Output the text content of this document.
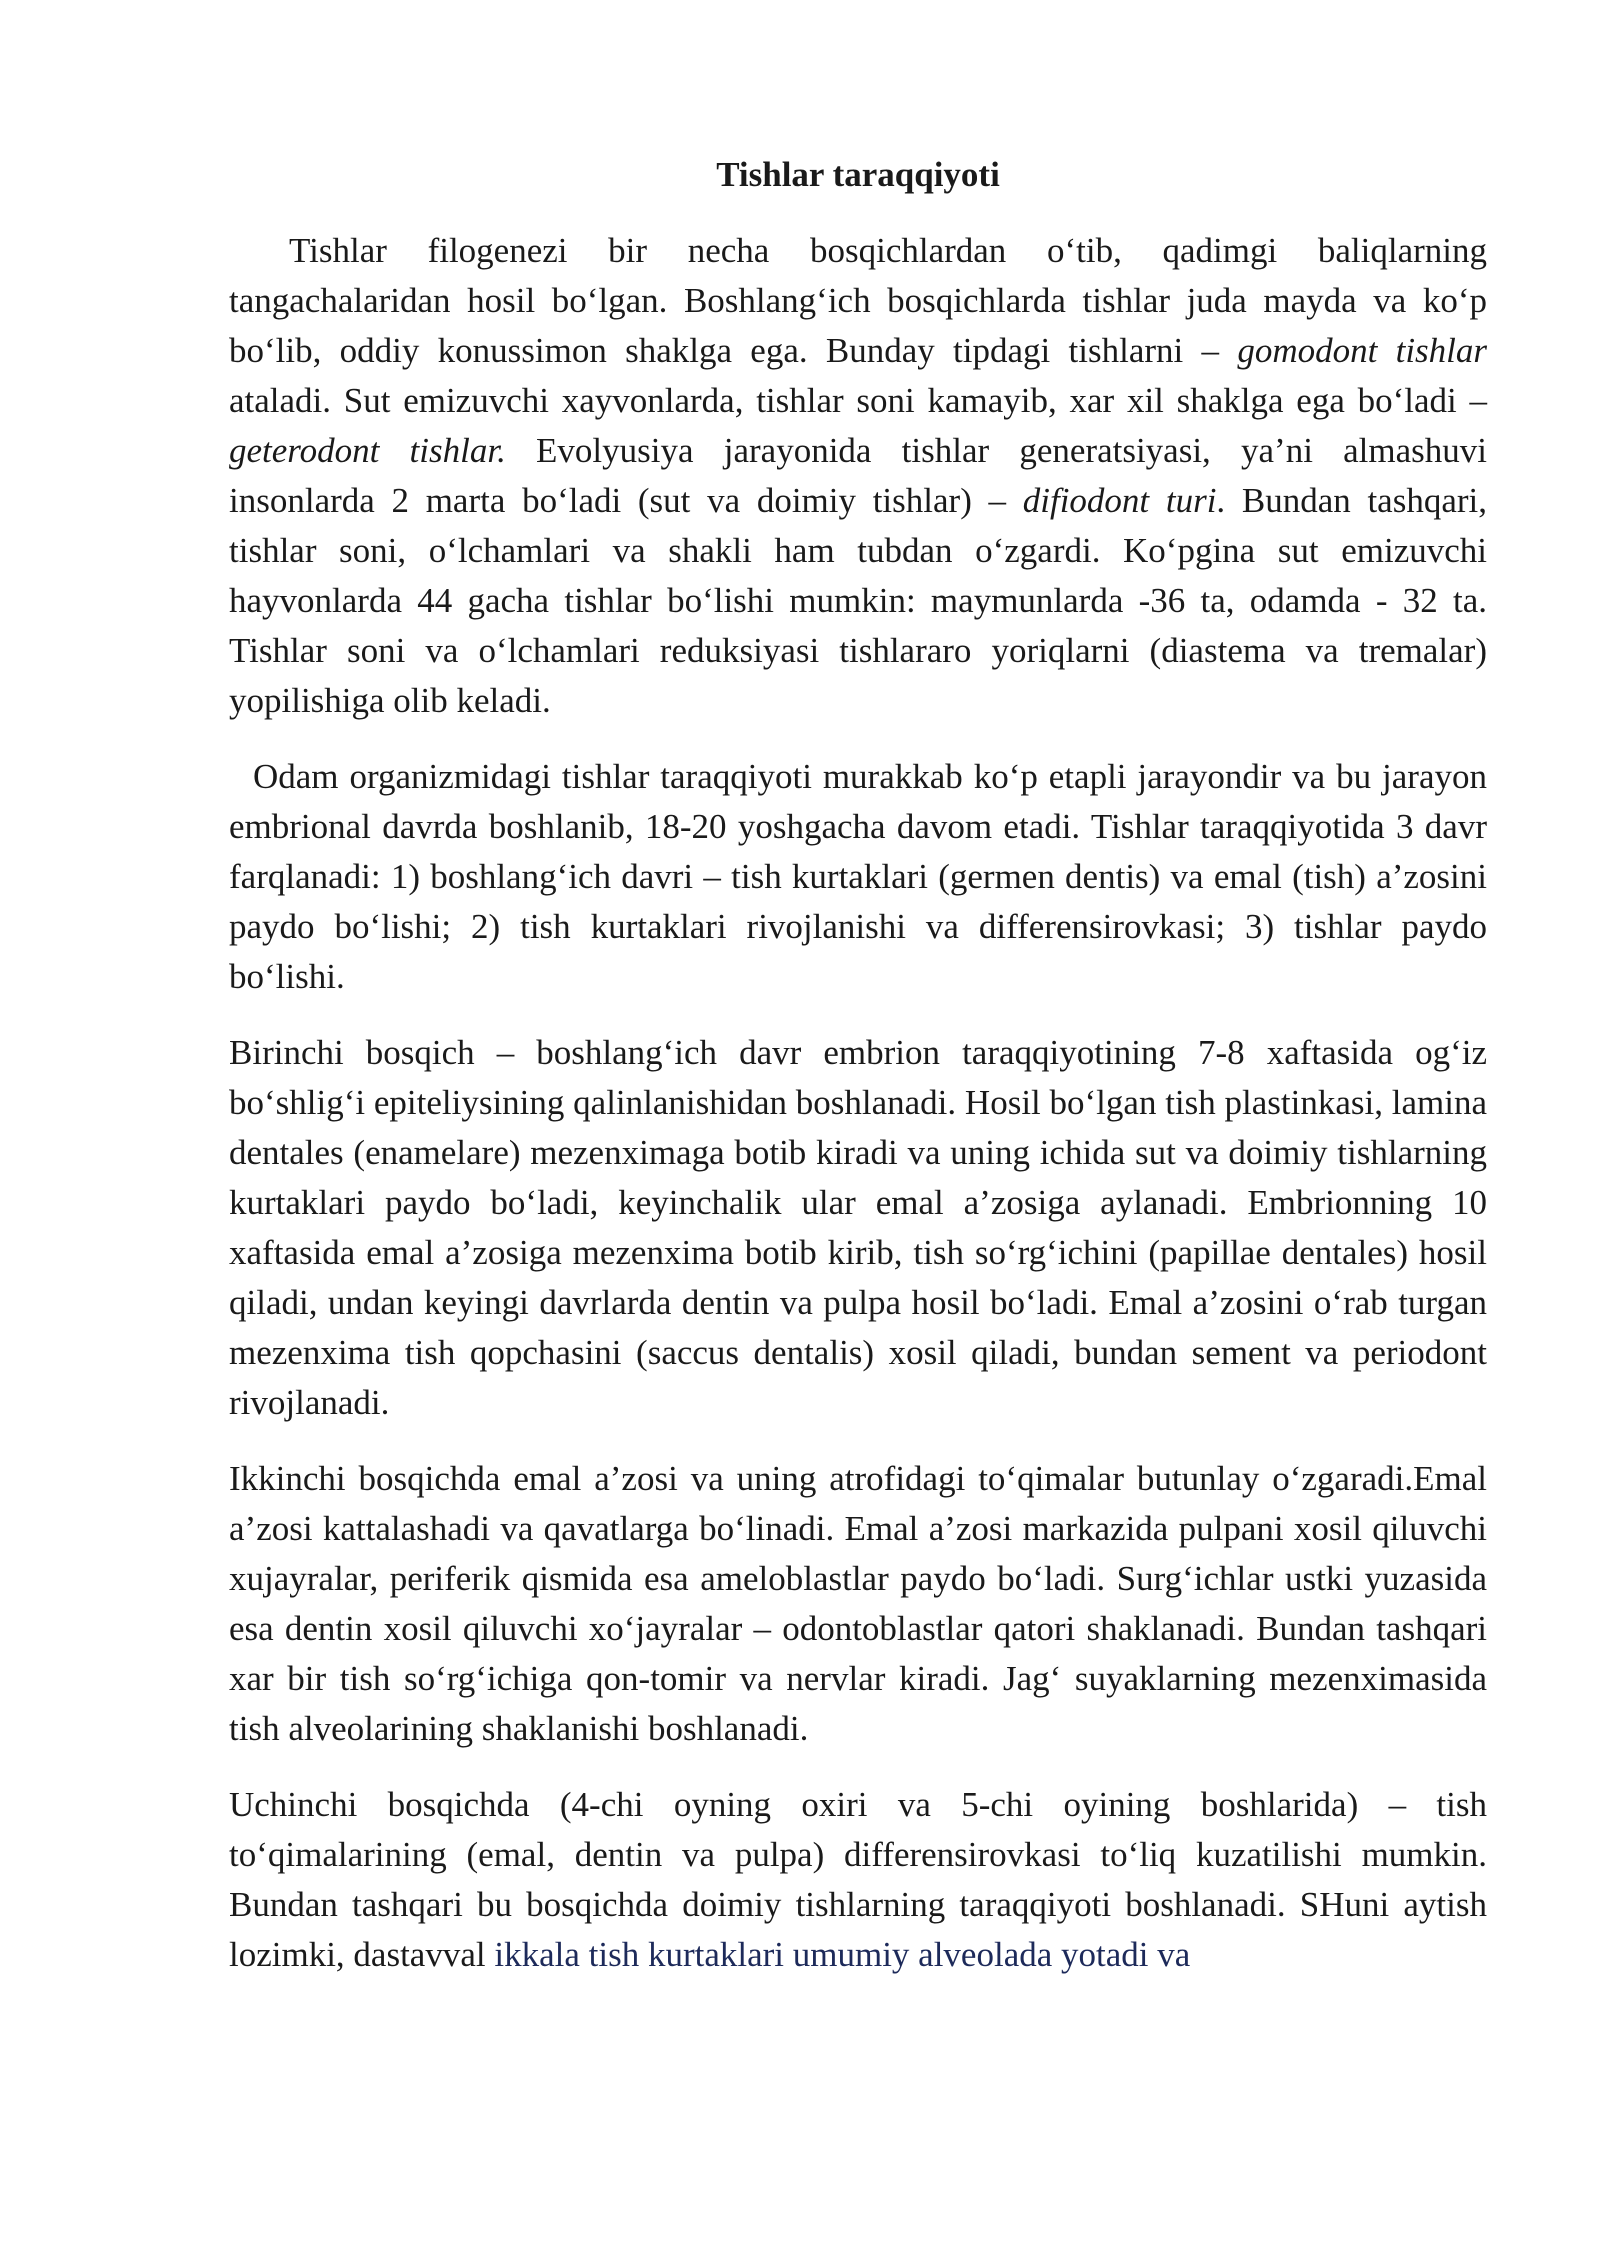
Tishlar taraqqiyoti

Tishlar filogenezi bir necha bosqichlardan o‘tib, qadimgi baliqlarning tangachalaridan hosil bo‘lgan. Boshlang‘ich bosqichlarda tishlar juda mayda va ko‘p bo‘lib, oddiy konussimon shaklga ega. Bunday tipdagi tishlarni – gomodont tishlar ataladi. Sut emizuvchi xayvonlarda, tishlar soni kamayib, xar xil shaklga ega bo‘ladi – geterodont tishlar. Evolyusiya jarayonida tishlar generatsiyasi, ya’ni almashuvi insonlarda 2 marta bo‘ladi (sut va doimiy tishlar) – difiodont turi. Bundan tashqari, tishlar soni, o‘lchamlari va shakli ham tubdan o‘zgardi. Ko‘pgina sut emizuvchi hayvonlarda 44 gacha tishlar bo‘lishi mumkin: maymunlarda -36 ta, odamda - 32 ta. Tishlar soni va o‘lchamlari reduksiyasi tishlararo yoriqlarni (diastema va tremalar) yopilishiga olib keladi.

Odam organizmidagi tishlar taraqqiyoti murakkab ko‘p etapli jarayondir va bu jarayon embrional davrda boshlanib, 18-20 yoshgacha davom etadi. Tishlar taraqqiyotida 3 davr farqlanadi: 1) boshlang‘ich davri – tish kurtaklari (germen dentis) va emal (tish) a’zosini paydo bo‘lishi; 2) tish kurtaklari rivojlanishi va differensirovkasi; 3) tishlar paydo bo‘lishi.

Birinchi bosqich – boshlang‘ich davr embrion taraqqiyotining 7-8 xaftasida og‘iz bo‘shlig‘i epiteliysining qalinlanishidan boshlanadi. Hosil bo‘lgan tish plastinkasi, lamina dentales (enamelare) mezenximaga botib kiradi va uning ichida sut va doimiy tishlarning kurtaklari paydo bo‘ladi, keyinchalik ular emal a’zosiga aylanadi. Embrionning 10 xaftasida emal a’zosiga mezenxima botib kirib, tish so‘rg‘ichini (papillae dentales) hosil qiladi, undan keyingi davrlarda dentin va pulpa hosil bo‘ladi. Emal a’zosini o‘rab turgan mezenxima tish qopchasini (saccus dentalis) xosil qiladi, bundan sement va periodont rivojlanadi.

Ikkinchi bosqichda emal a’zosi va uning atrofidagi to‘qimalar butunlay o‘zgaradi.Emal a’zosi kattalashadi va qavatlarga bo‘linadi. Emal a’zosi markazida pulpani xosil qiluvchi xujayralar, periferik qismida esa ameloblastlar paydo bo‘ladi. Surg‘ichlar ustki yuzasida esa dentin xosil qiluvchi xo‘jayralar – odontoblastlar qatori shaklanadi. Bundan tashqari xar bir tish so‘rg‘ichiga qon-tomir va nervlar kiradi. Jag‘ suyaklarning mezenximasida tish alveolarining shaklanishi boshlanadi.

Uchinchi bosqichda (4-chi oyning oxiri va 5-chi oyining boshlarida) – tish to‘qimalarining (emal, dentin va pulpa) differensirovkasi to‘liq kuzatilishi mumkin. Bundan tashqari bu bosqichda doimiy tishlarning taraqqiyoti boshlanadi. SHuni aytish lozimki, dastavval ikkala tish kurtaklari umumiy alveolada yotadi va
